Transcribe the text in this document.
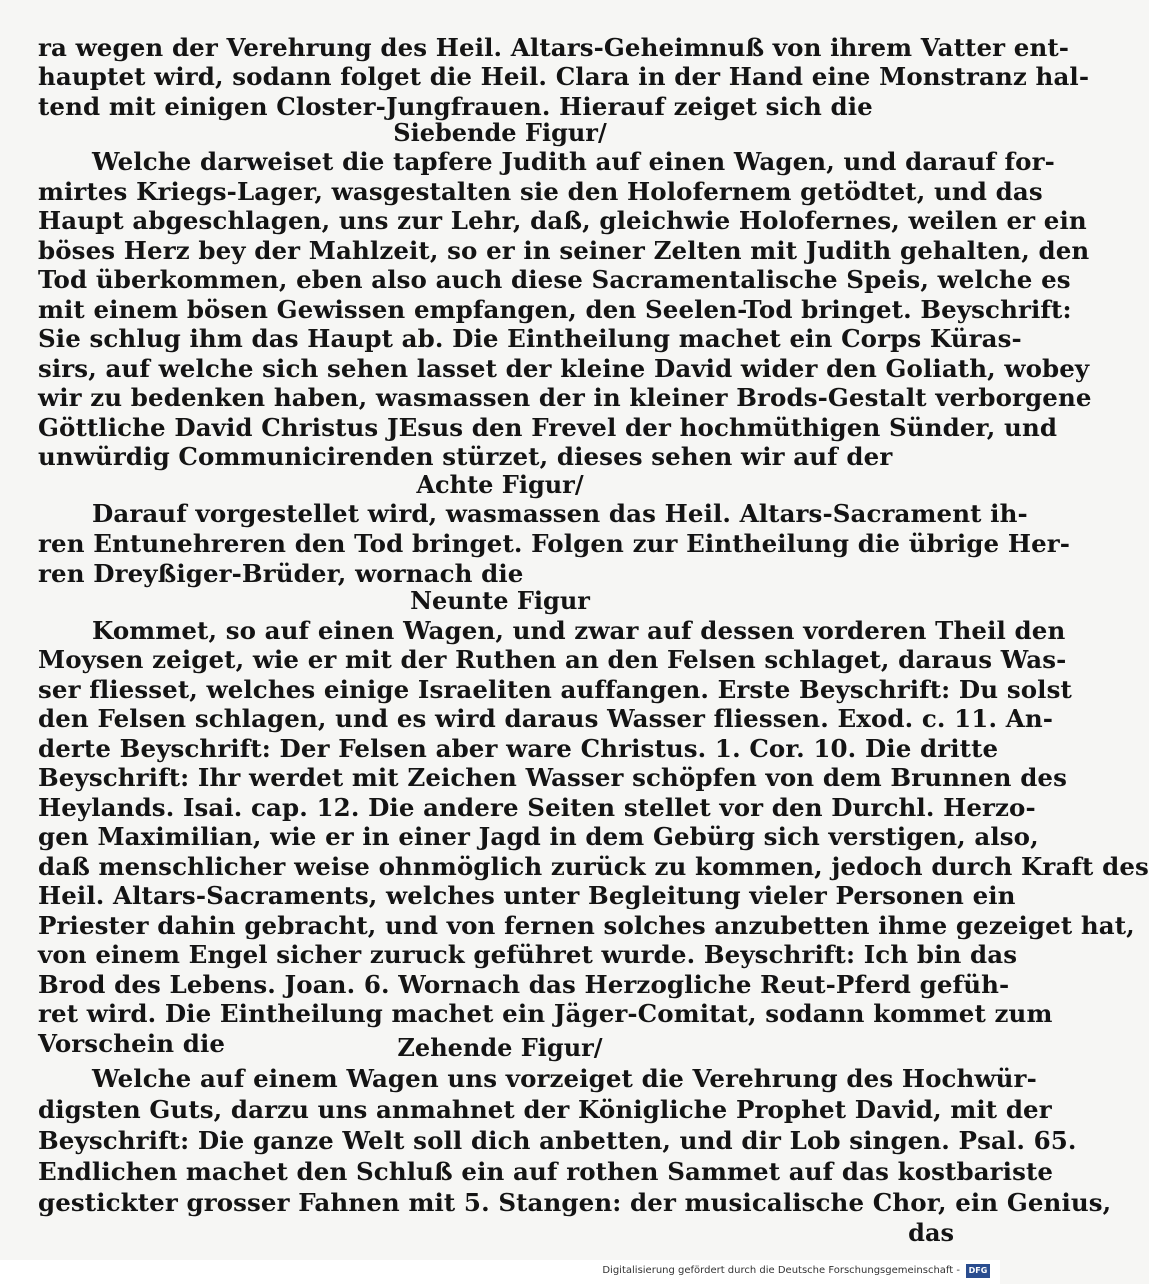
ra wegen der Verehrung des Heil. Altars-Geheimnuß von ihrem Vatter ent-
hauptet wird, sodann folget die Heil. Clara in der Hand eine Monstranz hal-
tend mit einigen Closter-Jungfrauen. Hierauf zeiget sich die
Siebende Figur/
Welche darweiset die tapfere Judith auf einen Wagen, und darauf for-
mirtes Kriegs-Lager, wasgestalten sie den Holofernem getödtet, und das
Haupt abgeschlagen, uns zur Lehr, daß, gleichwie Holofernes, weilen er ein
böses Herz bey der Mahlzeit, so er in seiner Zelten mit Judith gehalten, den
Tod überkommen, eben also auch diese Sacramentalische Speis, welche es
mit einem bösen Gewissen empfangen, den Seelen-Tod bringet. Beyschrift:
Sie schlug ihm das Haupt ab. Die Eintheilung machet ein Corps Küras-
sirs, auf welche sich sehen lasset der kleine David wider den Goliath, wobey
wir zu bedenken haben, wasmassen der in kleiner Brods-Gestalt verborgene
Göttliche David Christus JEsus den Frevel der hochmüthigen Sünder, und
unwürdig Communicirenden stürzet, dieses sehen wir auf der
Achte Figur/
Darauf vorgestellet wird, wasmassen das Heil. Altars-Sacrament ih-
ren Entunehreren den Tod bringet. Folgen zur Eintheilung die übrige Her-
ren Dreyßiger-Brüder, wornach die
Neunte Figur
Kommet, so auf einen Wagen, und zwar auf dessen vorderen Theil den
Moysen zeiget, wie er mit der Ruthen an den Felsen schlaget, daraus Was-
ser fliesset, welches einige Israeliten auffangen. Erste Beyschrift: Du solst
den Felsen schlagen, und es wird daraus Wasser fliessen. Exod. c. 11. An-
derte Beyschrift: Der Felsen aber ware Christus. 1. Cor. 10. Die dritte
Beyschrift: Ihr werdet mit Zeichen Wasser schöpfen von dem Brunnen des
Heylands. Isai. cap. 12. Die andere Seiten stellet vor den Durchl. Herzo-
gen Maximilian, wie er in einer Jagd in dem Gebürg sich verstigen, also,
daß menschlicher weise ohnmöglich zurück zu kommen, jedoch durch Kraft des
Heil. Altars-Sacraments, welches unter Begleitung vieler Personen ein
Priester dahin gebracht, und von fernen solches anzubetten ihme gezeiget hat,
von einem Engel sicher zuruck geführet wurde. Beyschrift: Ich bin das
Brod des Lebens. Joan. 6. Wornach das Herzogliche Reut-Pferd gefüh-
ret wird. Die Eintheilung machet ein Jäger-Comitat, sodann kommet zum
Vorschein die	Zehende Figur/
Welche auf einem Wagen uns vorzeiget die Verehrung des Hochwür-
digsten Guts, darzu uns anmahnet der Königliche Prophet David, mit der
Beyschrift: Die ganze Welt soll dich anbetten, und dir Lob singen. Psal. 65.
Endlichen machet den Schluß ein auf rothen Sammet auf das kostbariste
gestickter grosser Fahnen mit 5. Stangen: der musicalische Chor, ein Genius,
das
Digitalisierung gefördert durch die Deutsche Forschungsgemeinschaft -	DFG
